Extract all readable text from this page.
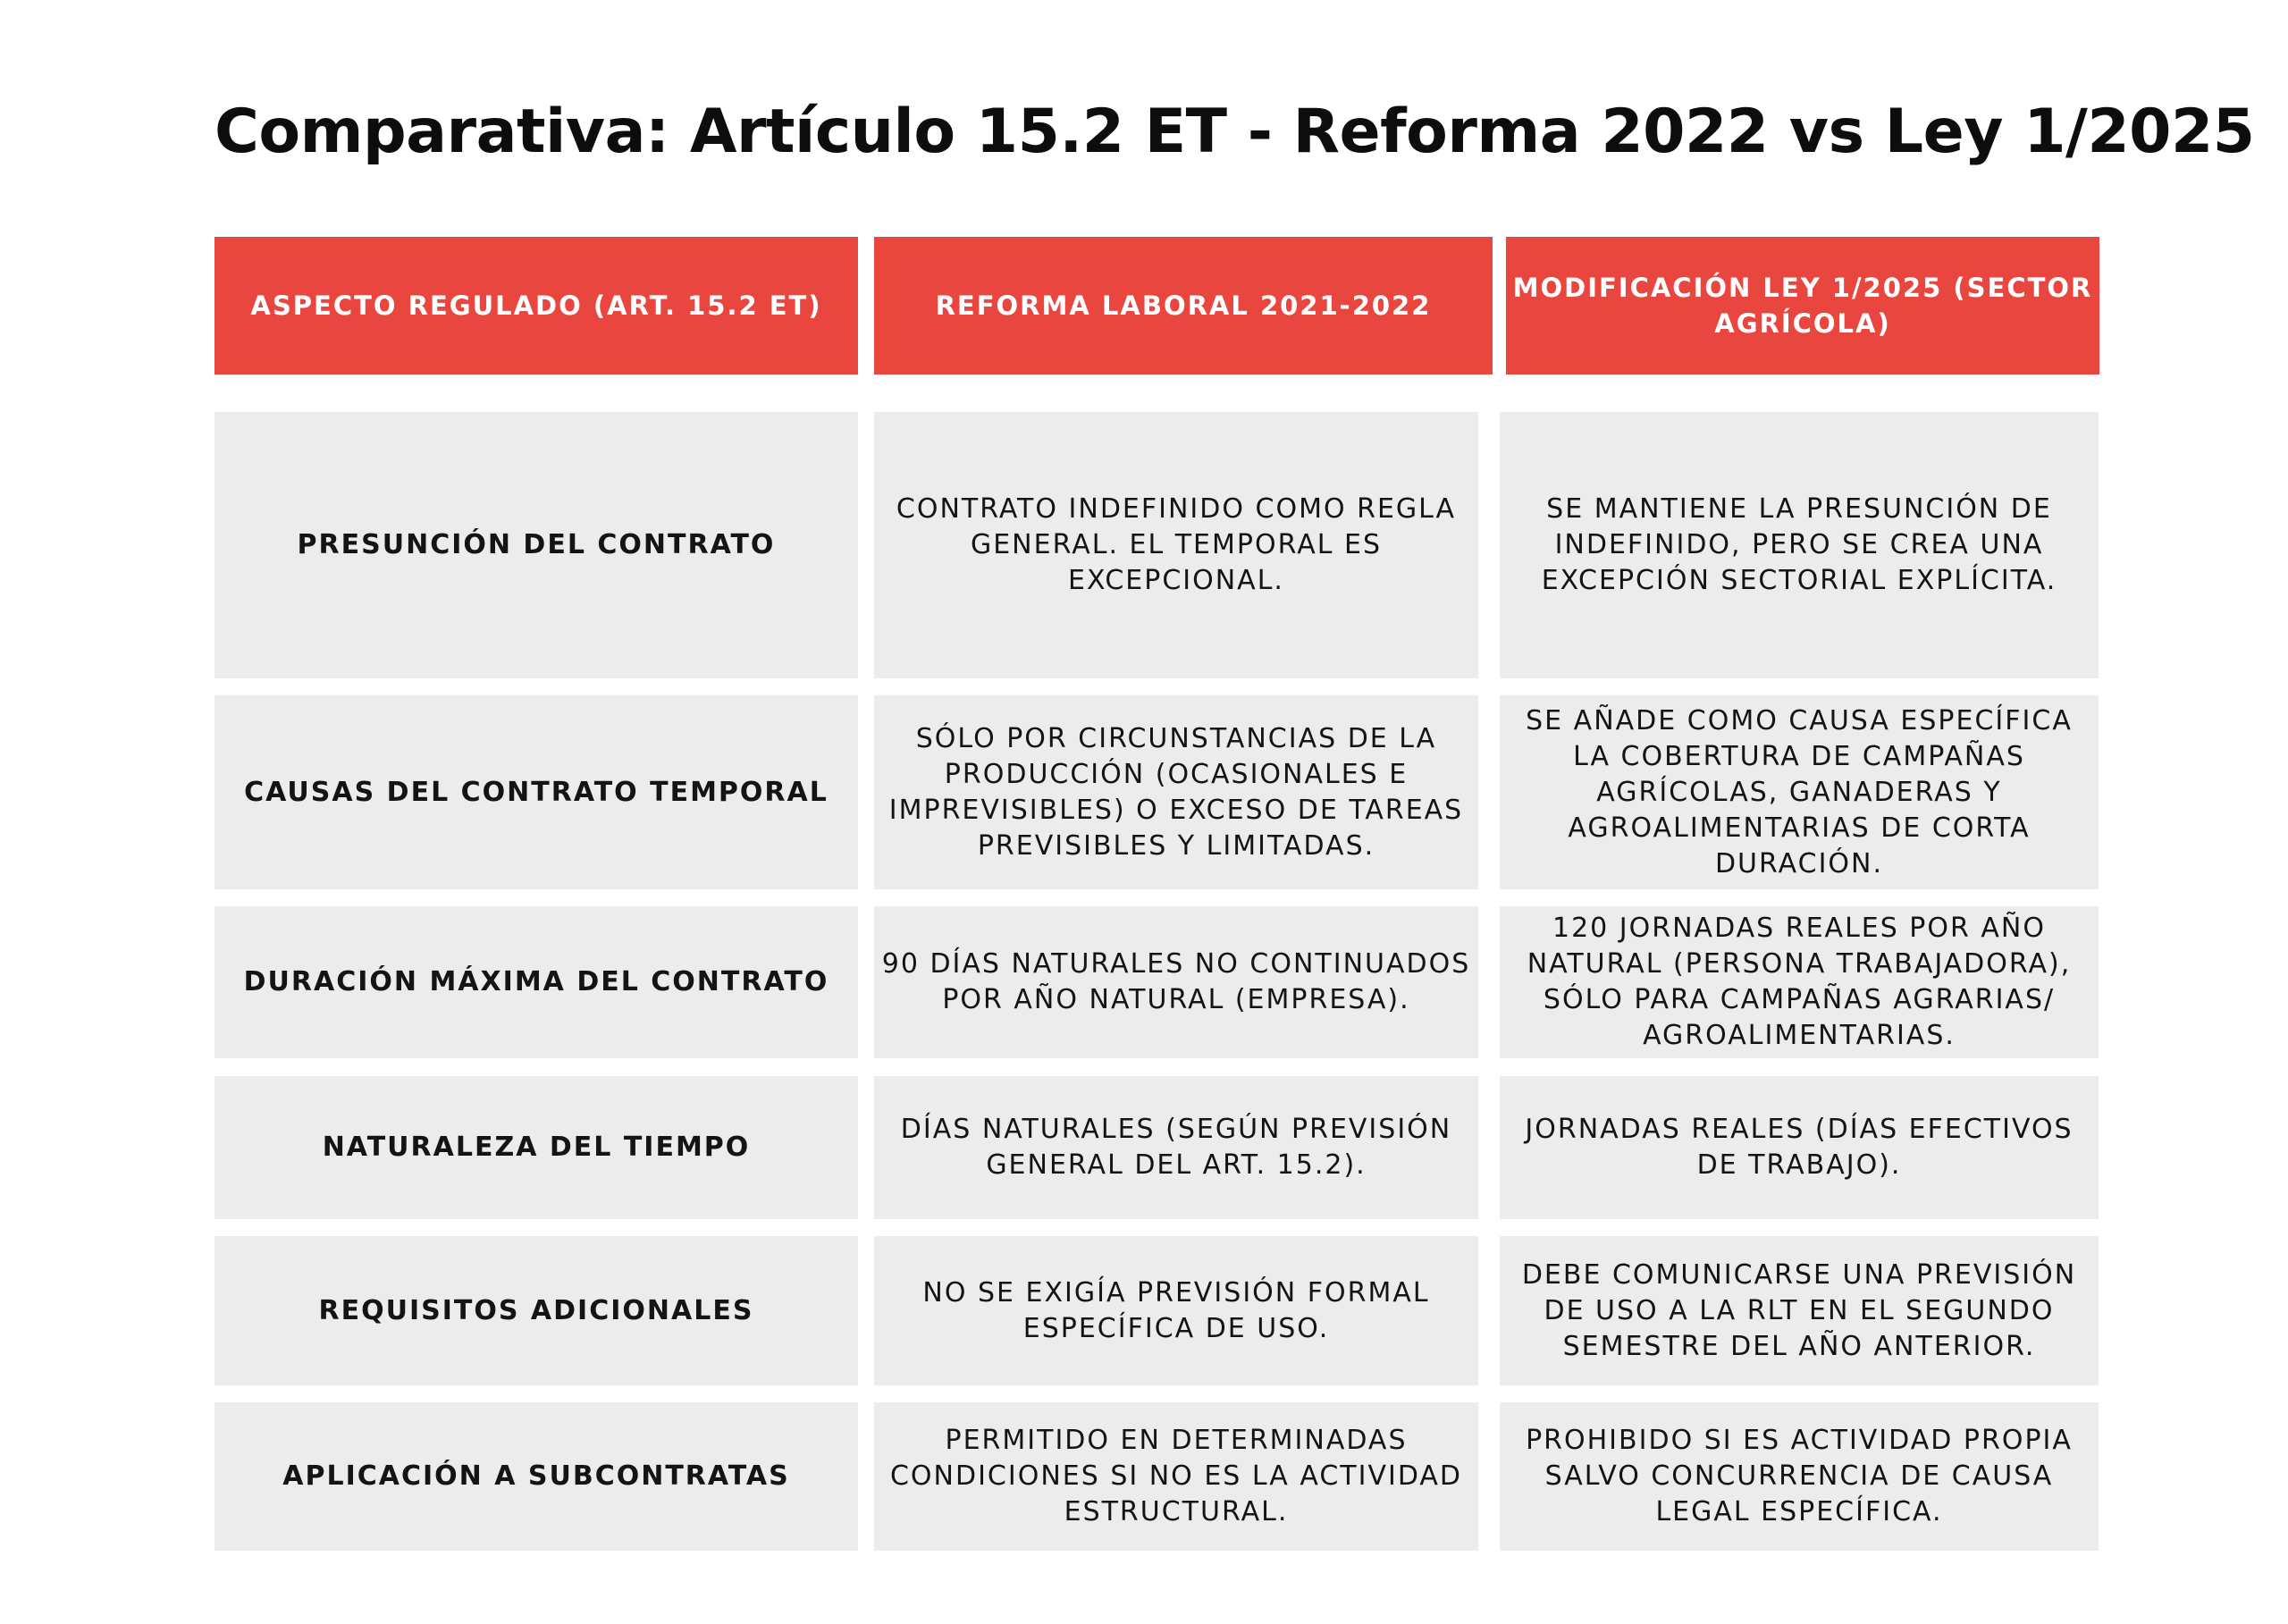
Comparativa: Artículo 15.2 ET - Reforma 2022 vs Ley 1/2025
ASPECTO REGULADO (ART. 15.2 ET)	REFORMA LABORAL 2021-2022
MODIFICACIÓN LEY 1/2025 (SECTOR AGRÍCOLA)
PRESUNCIÓN DEL CONTRATO
CONTRATO INDEFINIDO COMO REGLA GENERAL. EL TEMPORAL ES EXCEPCIONAL.
SE MANTIENE LA PRESUNCIÓN DE INDEFINIDO, PERO SE CREA UNA EXCEPCIÓN SECTORIAL EXPLÍCITA.
CAUSAS DEL CONTRATO TEMPORAL
SÓLO POR CIRCUNSTANCIAS DE LA PRODUCCIÓN (OCASIONALES E IMPREVISIBLES) O EXCESO DE TAREAS PREVISIBLES Y LIMITADAS.
SE AÑADE COMO CAUSA ESPECÍFICA LA COBERTURA DE CAMPAÑAS AGRÍCOLAS, GANADERAS Y AGROALIMENTARIAS DE CORTA DURACIÓN.
DURACIÓN MÁXIMA DEL CONTRATO
90 DÍAS NATURALES NO CONTINUADOS POR AÑO NATURAL (EMPRESA).
120 JORNADAS REALES POR AÑO NATURAL (PERSONA TRABAJADORA), SÓLO PARA CAMPAÑAS AGRARIAS/ AGROALIMENTARIAS.
NATURALEZA DEL TIEMPO
DÍAS NATURALES (SEGÚN PREVISIÓN GENERAL DEL ART. 15.2).
JORNADAS REALES (DÍAS EFECTIVOS DE TRABAJO).
REQUISITOS ADICIONALES
NO SE EXIGÍA PREVISIÓN FORMAL ESPECÍFICA DE USO.
DEBE COMUNICARSE UNA PREVISIÓN DE USO A LA RLT EN EL SEGUNDO SEMESTRE DEL AÑO ANTERIOR.
APLICACIÓN A SUBCONTRATAS
PERMITIDO EN DETERMINADAS CONDICIONES SI NO ES LA ACTIVIDAD ESTRUCTURAL.
PROHIBIDO SI ES ACTIVIDAD PROPIA SALVO CONCURRENCIA DE CAUSA LEGAL ESPECÍFICA.
